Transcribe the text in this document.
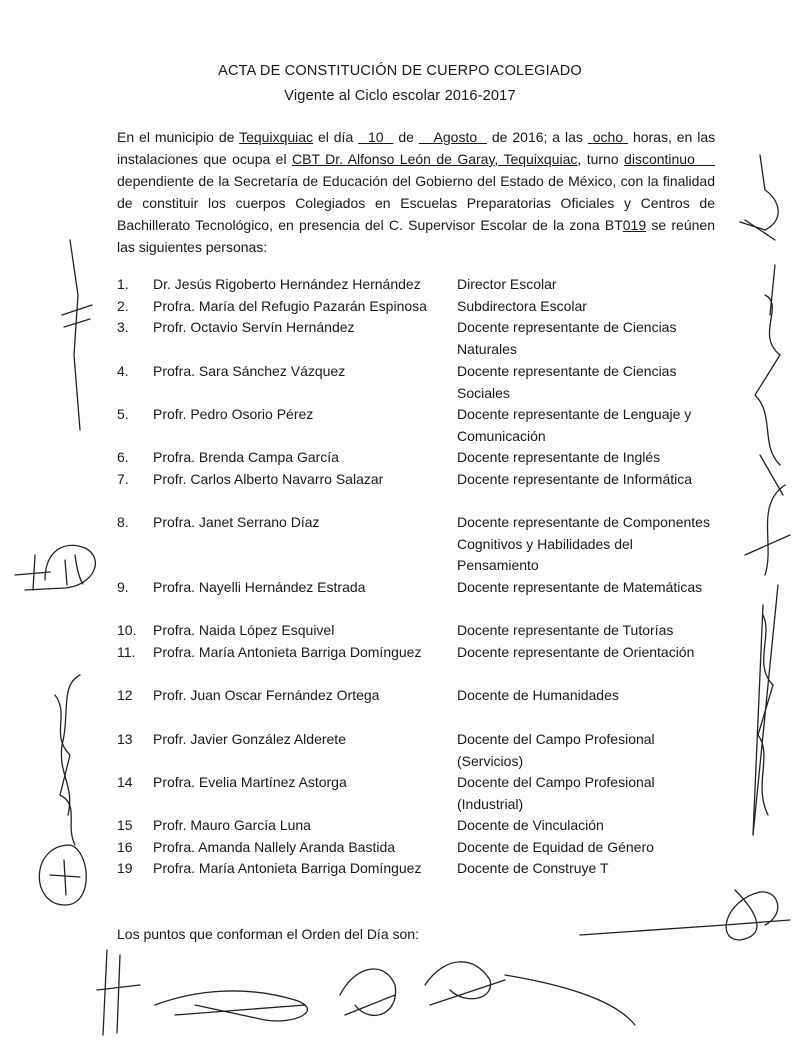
ACTA DE CONSTITUCIÓN DE CUERPO COLEGIADO
Vigente al Ciclo escolar 2016-2017
En el municipio de Tequixquiac el día 10 de Agosto de 2016; a las ocho horas, en las instalaciones que ocupa el CBT Dr. Alfonso León de Garay, Tequixquiac, turno discontinuo     dependiente de la Secretaría de Educación del Gobierno del Estado de México, con la finalidad de constituir los cuerpos Colegiados en Escuelas Preparatorias Oficiales y Centros de Bachillerato Tecnológico, en presencia del C. Supervisor Escolar de la zona BT019 se reúnen las siguientes personas:
1. Dr. Jesús Rigoberto Hernández Hernández	Director Escolar
2. Profra. María del Refugio Pazarán Espinosa	Subdirectora Escolar
3. Profr. Octavio Servín Hernández	Docente representante de Ciencias Naturales
4. Profra. Sara Sánchez Vázquez	Docente representante de Ciencias Sociales
5. Profr. Pedro Osorio Pérez	Docente representante de Lenguaje y Comunicación
6. Profra. Brenda Campa García	Docente representante de Inglés
7. Profr. Carlos Alberto Navarro Salazar	Docente representante de Informática
8. Profra. Janet Serrano Díaz	Docente representante de Componentes Cognitivos y Habilidades del Pensamiento
9. Profra. Nayelli Hernández Estrada	Docente representante de Matemáticas
10. Profra. Naida López Esquivel	Docente representante de Tutorías
11. Profra. María Antonieta Barriga Domínguez	Docente representante de Orientación
12 Profr. Juan Oscar Fernández Ortega	Docente de Humanidades
13 Profr. Javier González Alderete	Docente del Campo Profesional (Servicios)
14 Profra. Evelia Martínez Astorga	Docente del Campo Profesional (Industrial)
15 Profr. Mauro García Luna	Docente de Vinculación
16 Profra. Amanda Nallely Aranda Bastida	Docente de Equidad de Género
19 Profra. María Antonieta Barriga Domínguez	Docente de Construye T
Los puntos que conforman el Orden del Día son:
